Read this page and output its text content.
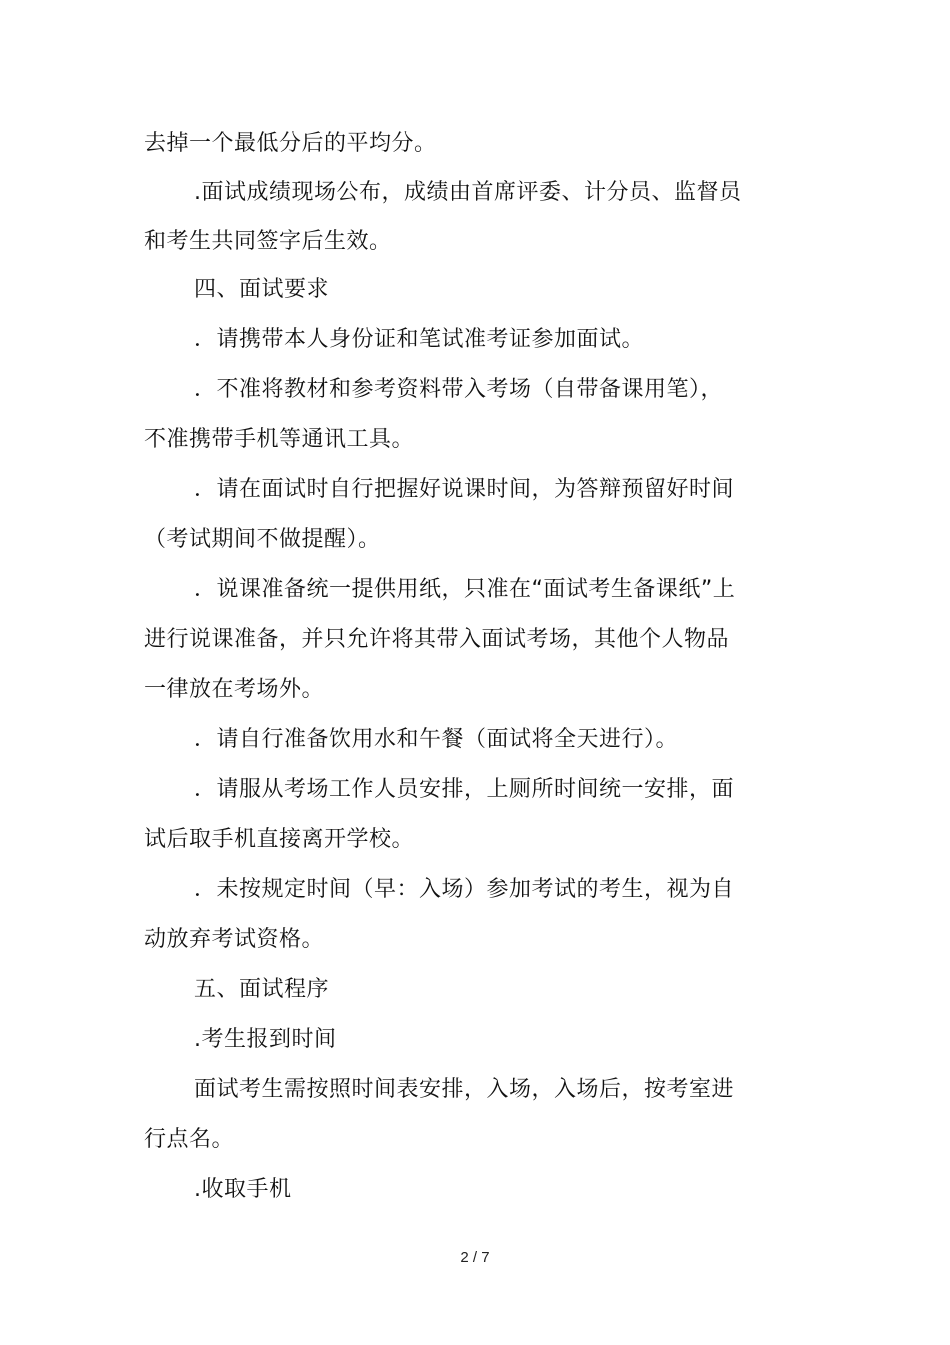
去掉一个最低分后的平均分。
.面试成绩现场公布，成绩由首席评委、计分员、监督员
和考生共同签字后生效。
四、面试要求
．请携带本人身份证和笔试准考证参加面试。
．不准将教材和参考资料带入考场（自带备课用笔），
不准携带手机等通讯工具。
．请在面试时自行把握好说课时间，为答辩预留好时间
（考试期间不做提醒）。
．说课准备统一提供用纸，只准在“面试考生备课纸”上
进行说课准备，并只允许将其带入面试考场，其他个人物品
一律放在考场外。
．请自行准备饮用水和午餐（面试将全天进行）。
．请服从考场工作人员安排，上厕所时间统一安排，面
试后取手机直接离开学校。
．未按规定时间（早：入场）参加考试的考生，视为自
动放弃考试资格。
五、面试程序
.考生报到时间
面试考生需按照时间表安排，入场，入场后，按考室进
行点名。
.收取手机
2 / 7
